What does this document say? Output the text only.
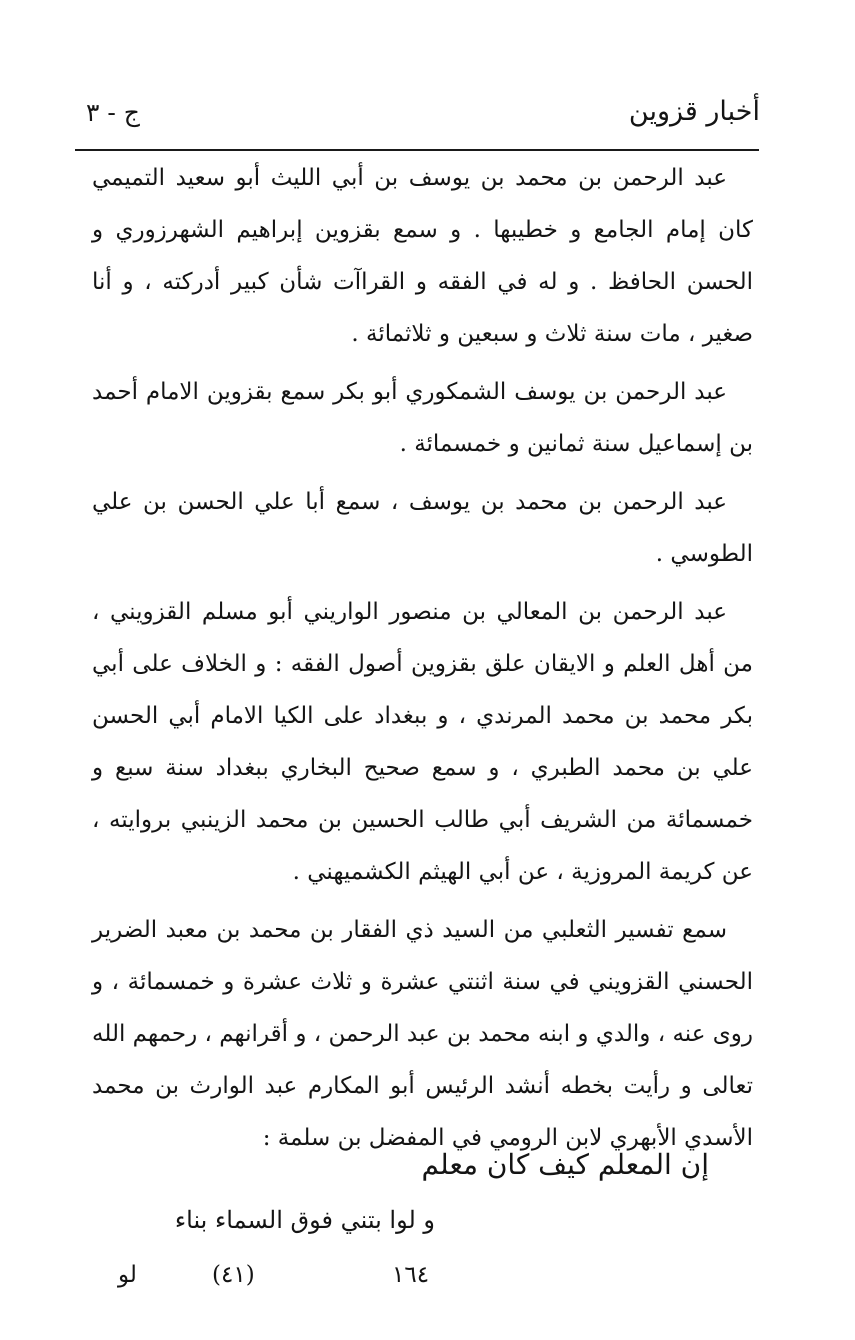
أخبار قزوين
ج - ٣

عبد الرحمن بن محمد بن يوسف بن أبي الليث أبو سعيد التميمي كان إمام الجامع و خطيبها . و سمع بقزوين إبراهيم الشهرزوري و الحسن الحافظ . و له في الفقه و القراآت شأن كبير أدركته ، و أنا صغير ، مات سنة ثلاث و سبعين و ثلاثمائة .

عبد الرحمن بن يوسف الشمكوري أبو بكر سمع بقزوين الامام أحمد بن إسماعيل سنة ثمانين و خمسمائة .

عبد الرحمن بن محمد بن يوسف ، سمع أبا علي الحسن بن علي الطوسي .

عبد الرحمن بن المعالي بن منصور الواريني أبو مسلم القزويني ، من أهل العلم و الايقان علق بقزوين أصول الفقه : و الخلاف على أبي بكر محمد بن محمد المرندي ، و ببغداد على الكيا الامام أبي الحسن علي بن محمد الطبري ، و سمع صحيح البخاري ببغداد سنة سبع و خمسمائة من الشريف أبي طالب الحسين بن محمد الزينبي بروايته ، عن كريمة المروزية ، عن أبي الهيثم الكشميهني .

سمع تفسير الثعلبي من السيد ذي الفقار بن محمد بن معبد الضرير الحسني القزويني في سنة اثنتي عشرة و ثلاث عشرة و خمسمائة ، و روى عنه ، والدي و ابنه محمد بن عبد الرحمن ، و أقرانهم ، رحمهم الله تعالى و رأيت بخطه أنشد الرئيس أبو المكارم عبد الوارث بن محمد الأسدي الأبهري لابن الرومي في المفضل بن سلمة :

إن المعلم كيف كان معلم
و لوا بتني فوق السماء بناء
١٦٤
(٤١)
لو
